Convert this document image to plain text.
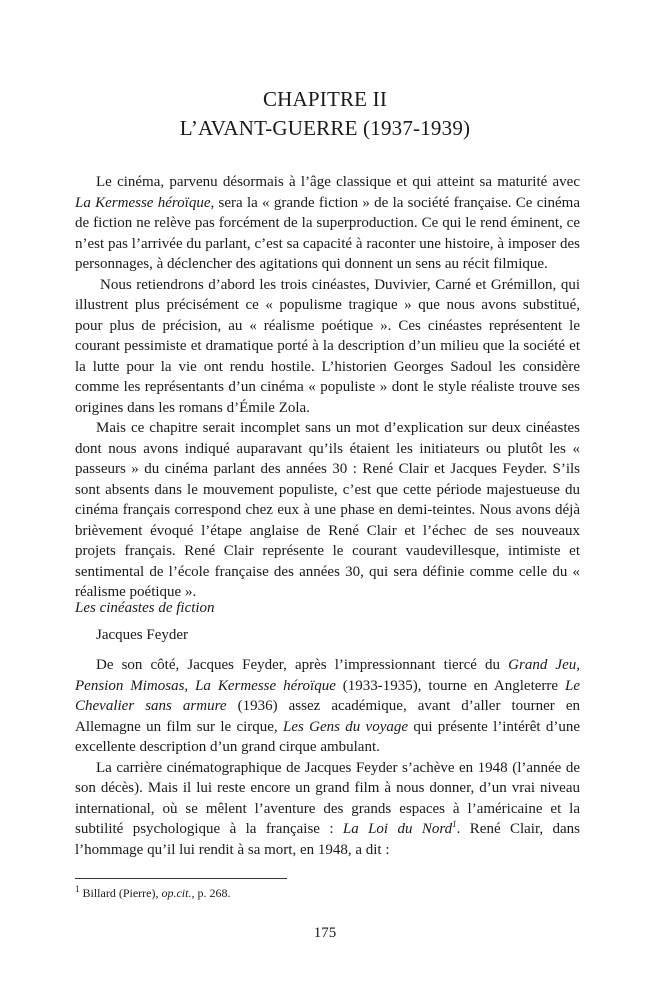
CHAPITRE II
L’AVANT-GUERRE (1937-1939)

Le cinéma, parvenu désormais à l’âge classique et qui atteint sa maturité avec La Kermesse héroïque, sera la « grande fiction » de la société française. Ce cinéma de fiction ne relève pas forcément de la superproduction. Ce qui le rend éminent, ce n’est pas l’arrivée du parlant, c’est sa capacité à raconter une histoire, à imposer des personnages, à déclencher des agitations qui donnent un sens au récit filmique.

Nous retiendrons d’abord les trois cinéastes, Duvivier, Carné et Grémillon, qui illustrent plus précisément ce « populisme tragique » que nous avons substitué, pour plus de précision, au « réalisme poétique ». Ces cinéastes représentent le courant pessimiste et dramatique porté à la description d’un milieu que la société et la lutte pour la vie ont rendu hostile. L’historien Georges Sadoul les considère comme les représentants d’un cinéma « populiste » dont le style réaliste trouve ses origines dans les romans d’Émile Zola.

Mais ce chapitre serait incomplet sans un mot d’explication sur deux cinéastes dont nous avons indiqué auparavant qu’ils étaient les initiateurs ou plutôt les « passeurs » du cinéma parlant des années 30 : René Clair et Jacques Feyder. S’ils sont absents dans le mouvement populiste, c’est que cette période majestueuse du cinéma français correspond chez eux à une phase en demi-teintes. Nous avons déjà brièvement évoqué l’étape anglaise de René Clair et l’échec de ses nouveaux projets français. René Clair représente le courant vaudevillesque, intimiste et sentimental de l’école française des années 30, qui sera définie comme celle du « réalisme poétique ».

Les cinéastes de fiction
Jacques Feyder

De son côté, Jacques Feyder, après l’impressionnant tiercé du Grand Jeu, Pension Mimosas, La Kermesse héroïque (1933-1935), tourne en Angleterre Le Chevalier sans armure (1936) assez académique, avant d’aller tourner en Allemagne un film sur le cirque, Les Gens du voyage qui présente l’intérêt d’une excellente description d’un grand cirque ambulant.

La carrière cinématographique de Jacques Feyder s’achève en 1948 (l’année de son décès). Mais il lui reste encore un grand film à nous donner, d’un vrai niveau international, où se mêlent l’aventure des grands espaces à l’américaine et la subtilité psychologique à la française : La Loi du Nord$^1$. René Clair, dans l’hommage qu’il lui rendit à sa mort, en 1948, a dit :

$^1$ Billard (Pierre), op.cit., p. 268.
175
